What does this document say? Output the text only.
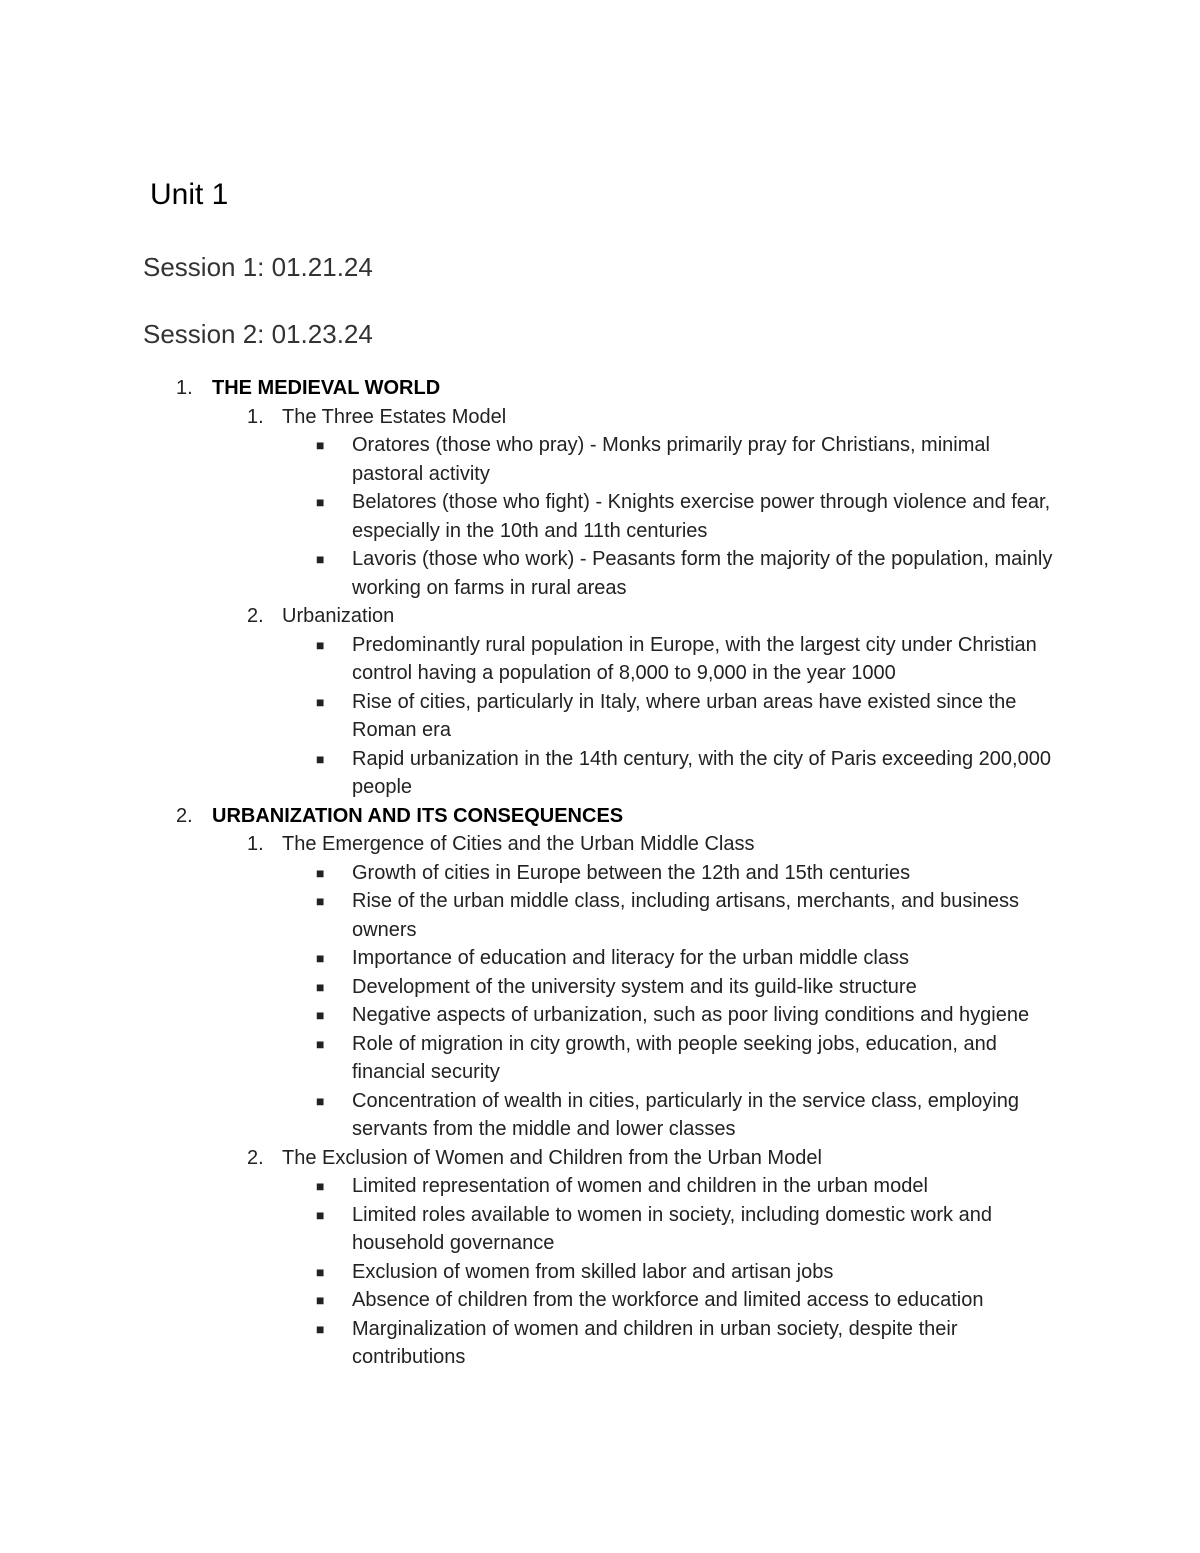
Unit 1
Session 1: 01.21.24
Session 2: 01.23.24
1. THE MEDIEVAL WORLD
1. The Three Estates Model
■ Oratores (those who pray) - Monks primarily pray for Christians, minimal pastoral activity
■ Belatores (those who fight) - Knights exercise power through violence and fear, especially in the 10th and 11th centuries
■ Lavoris (those who work) - Peasants form the majority of the population, mainly working on farms in rural areas
2. Urbanization
■ Predominantly rural population in Europe, with the largest city under Christian control having a population of 8,000 to 9,000 in the year 1000
■ Rise of cities, particularly in Italy, where urban areas have existed since the Roman era
■ Rapid urbanization in the 14th century, with the city of Paris exceeding 200,000 people
2. URBANIZATION AND ITS CONSEQUENCES
1. The Emergence of Cities and the Urban Middle Class
■ Growth of cities in Europe between the 12th and 15th centuries
■ Rise of the urban middle class, including artisans, merchants, and business owners
■ Importance of education and literacy for the urban middle class
■ Development of the university system and its guild-like structure
■ Negative aspects of urbanization, such as poor living conditions and hygiene
■ Role of migration in city growth, with people seeking jobs, education, and financial security
■ Concentration of wealth in cities, particularly in the service class, employing servants from the middle and lower classes
2. The Exclusion of Women and Children from the Urban Model
■ Limited representation of women and children in the urban model
■ Limited roles available to women in society, including domestic work and household governance
■ Exclusion of women from skilled labor and artisan jobs
■ Absence of children from the workforce and limited access to education
■ Marginalization of women and children in urban society, despite their contributions
